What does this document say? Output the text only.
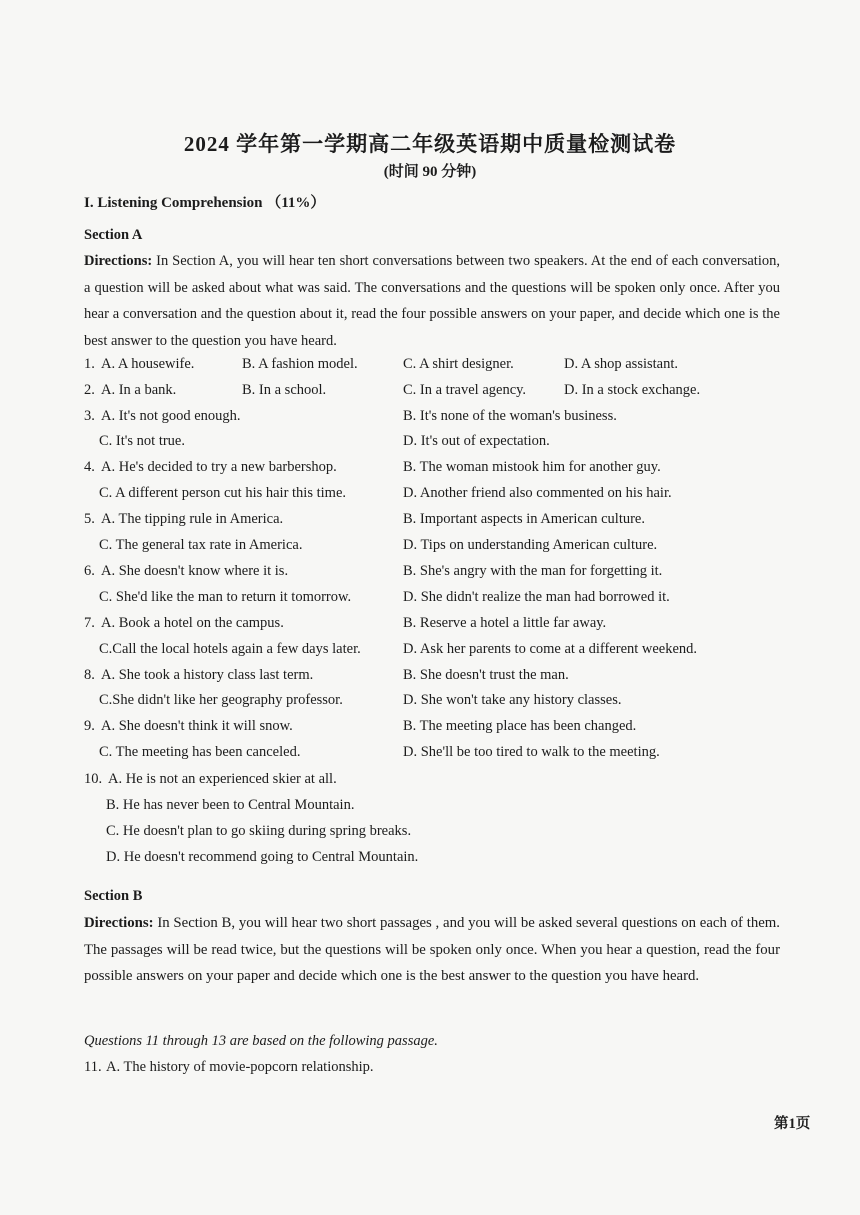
2024 学年第一学期高二年级英语期中质量检测试卷
(时间 90 分钟)
I. Listening Comprehension （11%）
Section A
Directions: In Section A, you will hear ten short conversations between two speakers. At the end of each conversation, a question will be asked about what was said. The conversations and the questions will be spoken only once. After you hear a conversation and the question about it, read the four possible answers on your paper, and decide which one is the best answer to the question you have heard.
1. A. A housewife.	B. A fashion model.	C. A shirt designer.	D. A shop assistant.
2. A. In a bank.	B. In a school.	C. In a travel agency.	D. In a stock exchange.
3. A. It's not good enough.	B. It's none of the woman's business.
C. It's not true.	D. It's out of expectation.
4. A. He's decided to try a new barbershop.	B. The woman mistook him for another guy.
C. A different person cut his hair this time.	D. Another friend also commented on his hair.
5. A. The tipping rule in America.	B. Important aspects in American culture.
C. The general tax rate in America.	D. Tips on understanding American culture.
6. A. She doesn't know where it is.	B. She's angry with the man for forgetting it.
C. She'd like the man to return it tomorrow.	D. She didn't realize the man had borrowed it.
7. A. Book a hotel on the campus.	B. Reserve a hotel a little far away.
C.Call the local hotels again a few days later.	D. Ask her parents to come at a different weekend.
8. A. She took a history class last term.	B. She doesn't trust the man.
C.She didn't like her geography professor.	D. She won't take any history classes.
9. A. She doesn't think it will snow.	B. The meeting place has been changed.
C. The meeting has been canceled.	D. She'll be too tired to walk to the meeting.
10. A. He is not an experienced skier at all.
B. He has never been to Central Mountain.
C. He doesn't plan to go skiing during spring breaks.
D. He doesn't recommend going to Central Mountain.
Section B
Directions: In Section B, you will hear two short passages , and you will be asked several questions on each of them. The passages will be read twice, but the questions will be spoken only once. When you hear a question, read the four possible answers on your paper and decide which one is the best answer to the question you have heard.
Questions 11 through 13 are based on the following passage.
11. A. The history of movie-popcorn relationship.
第1页
